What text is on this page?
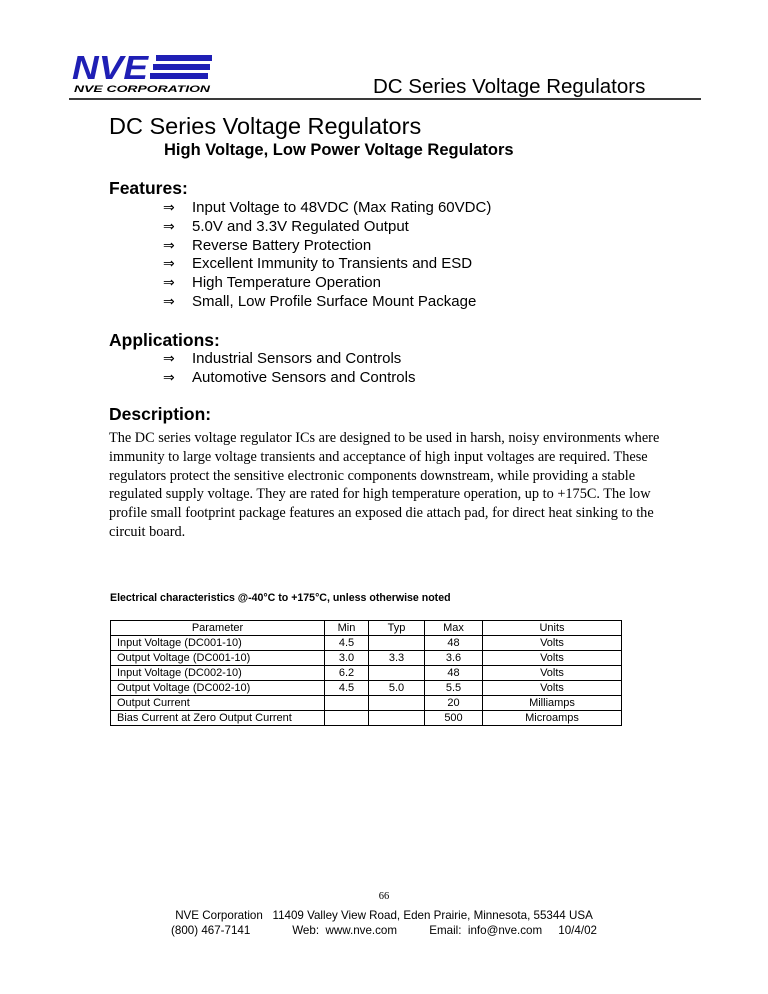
NVE
NVE CORPORATION	DC Series Voltage Regulators
DC Series Voltage Regulators
High Voltage, Low Power Voltage Regulators
Features:
⇒ Input Voltage to 48VDC (Max Rating 60VDC)
⇒ 5.0V and 3.3V Regulated Output
⇒ Reverse Battery Protection
⇒ Excellent Immunity to Transients and ESD
⇒ High Temperature Operation
⇒ Small, Low Profile Surface Mount Package
Applications:
⇒ Industrial Sensors and Controls
⇒ Automotive Sensors and Controls
Description:

The DC series voltage regulator ICs are designed to be used in harsh, noisy environments where immunity to large voltage transients and acceptance of high input voltages are required. These regulators protect the sensitive electronic components downstream, while providing a stable regulated supply voltage. They are rated for high temperature operation, up to +175C. The low profile small footprint package features an exposed die attach pad, for direct heat sinking to the circuit board.

Electrical characteristics @-40°C to +175°C, unless otherwise noted
Parameter	Min	Typ	Max	Units
Input Voltage (DC001-10)	4.5		48	Volts
Output Voltage (DC001-10)	3.0	3.3	3.6	Volts
Input Voltage (DC002-10)	6.2		48	Volts
Output Voltage (DC002-10)	4.5	5.0	5.5	Volts
Output Current			20	Milliamps
Bias Current at Zero Output Current			500	Microamps
66
NVE Corporation 11409 Valley View Road, Eden Prairie, Minnesota, 55344 USA
(800) 467-7141	Web:  www.nve.com	Email:  info@nve.com 10/4/02
